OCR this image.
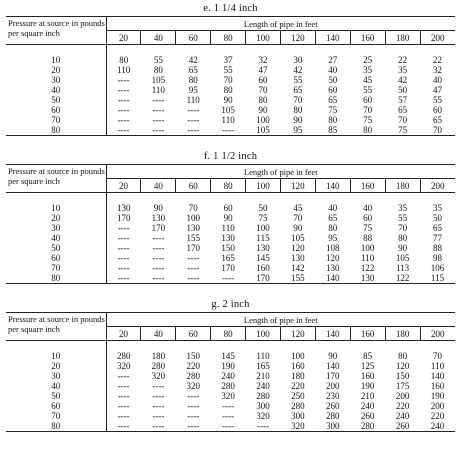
e. 1 1/4 inch
Pressure at source in pounds per square inch	Length of pipe in feet									
	20	40	60	80	100	120	140	160	180	200

10	80	55	42	37	32	30	27	25	22	22
20	110	80	65	55	47	42	40	35	35	32
30	----	105	80	70	60	55	50	45	42	40
40	----	110	95	80	70	65	60	55	50	47
50	----	----	110	90	80	70	65	60	57	55
60	----	----	----	105	90	80	75	70	65	60
70	----	----	----	110	100	90	80	75	70	65
80	----	----	----	----	105	95	85	80	75	70
f. 1 1/2 inch
Pressure at source in pounds per square inch	Length of pipe in feet									
	20	40	60	80	100	120	140	160	180	200

10	130	90	70	60	50	45	40	40	35	35
20	170	130	100	90	75	70	65	60	55	50
30	----	170	130	110	100	90	80	75	70	65
40	----	----	155	130	115	105	95	88	80	77
50	----	----	170	150	130	120	108	100	90	88
60	----	----	----	165	145	130	120	110	105	98
70	----	----	----	170	160	142	130	122	113	106
80	----	----	----	----	170	155	140	130	122	115
g. 2 inch
Pressure at source in pounds per square inch	Length of pipe in feet									
	20	40	60	80	100	120	140	160	180	200

10	280	180	150	145	110	100	90	85	80	70
20	320	280	220	190	165	160	140	125	120	110
30	----	320	280	240	210	180	170	160	150	140
40	----	----	320	280	240	220	200	190	175	160
50	----	----	----	320	280	250	230	210	200	190
60	----	----	----	----	300	280	260	240	220	200
70	----	----	----	----	320	300	280	260	240	220
80	----	----	----	----	----	320	300	280	260	240
